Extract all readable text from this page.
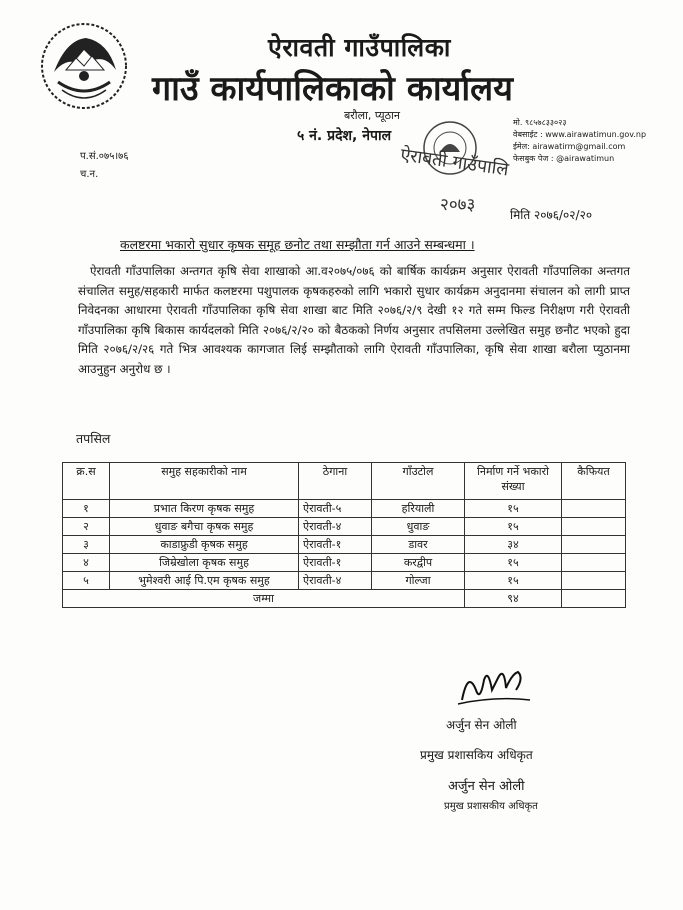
ऐरावती गाउँपालिका
गाउँ कार्यपालिकाको कार्यालय
बरौला, प्यूठान
५ नं. प्रदेश, नेपाल
मो. ९८५७८३३०२३
वेबसाईट : www.airawatimun.gov.np
ईमेल: airawatirm@gmail.com
फेसबुक पेज : @airawatimun
ऐरावती गाउँपालि
२०७३
प.सं.०७५।७६
च.न.
मिति २०७६/०२/२०
कलष्टरमा भकारो सुधार कृषक समूह छनोट तथा सम्झौता गर्न आउने सम्बन्धमा ।
ऐरावती गाँउपालिका अन्तगत कृषि सेवा शाखाको आ.व२०७५/०७६ को बार्षिक कार्यक्रम अनुसार ऐरावती गाँउपालिका अन्तगत संचालित समुह/सहकारी मार्फत कलष्टरमा पशुपालक कृषकहरुको लागि भकारो सुधार कार्यक्रम अनुदानमा संचालन को लागी प्राप्त निवेदनका आधारमा ऐरावती गाँउपालिका कृषि सेवा शाखा बाट मिति २०७६/२/९ देखी १२ गते सम्म फिल्ड निरीक्षण गरी ऐरावती गाँउपालिका कृषि बिकास कार्यदलको मिति २०७६/२/२० को बैठकको निर्णय अनुसार तपसिलमा उल्लेखित समुह छनौट भएको हुदा मिति २०७६/२/२६ गते भित्र आवश्यक कागजात लिई सम्झौताको लागि ऐरावती गाँउपालिका, कृषि सेवा शाखा बरौला प्युठानमा आउनुहुन अनुरोध छ ।
तपसिल
क्र.स	समुह सहकारीको नाम	ठेगाना	गाँउटोल	निर्माण गर्ने भकारो संख्या	कैफियत
१	प्रभात किरण कृषक समुह	ऐरावती-५	हरियाली	१५	
२	धुवाङ बगैचा कृषक समुह	ऐरावती-४	धुवाङ	१५	
३	काडाफ्रुडी कृषक समुह	ऐरावती-१	डावर	३४	
४	जिम्रेखोला कृषक समुह	ऐरावती-१	करद्वीप	१५	
५	भुमेश्वरी आई पि.एम कृषक समुह	ऐरावती-४	गोल्जा	१५	
जम्मा				९४	
अर्जुन सेन ओली
प्रमुख प्रशासकिय अधिकृत
अर्जुन सेन ओली
प्रमुख प्रशासकीय अधिकृत
